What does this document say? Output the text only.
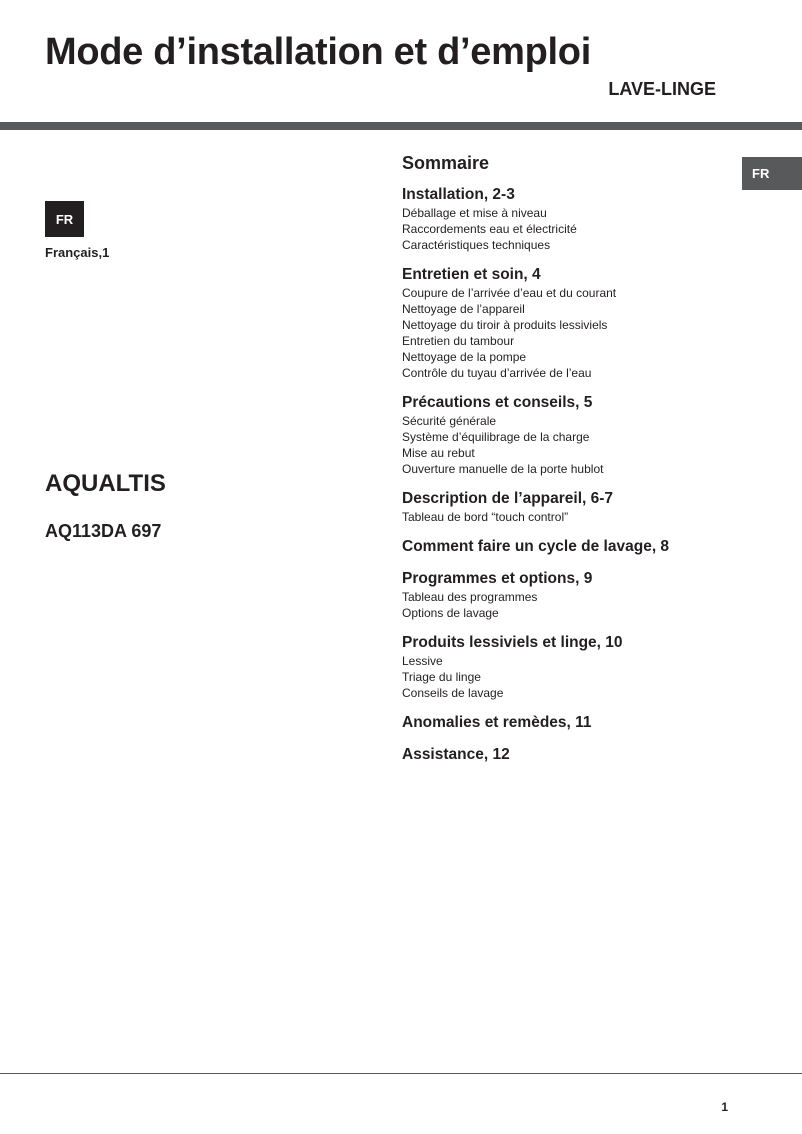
Mode d’installation et d’emploi
LAVE-LINGE
FR
Français,1
FR
AQUALTIS
AQ113DA 697
Sommaire
Installation, 2-3
Déballage et mise à niveau
Raccordements eau et électricité
Caractéristiques techniques
Entretien et soin, 4
Coupure de l’arrivée d’eau et du courant
Nettoyage de l’appareil
Nettoyage du tiroir à produits lessiviels
Entretien du tambour
Nettoyage de la pompe
Contrôle du tuyau d’arrivée de l’eau
Précautions et conseils, 5
Sécurité générale
Système d’équilibrage de la charge
Mise au rebut
Ouverture manuelle de la porte hublot
Description de l’appareil, 6-7
Tableau de bord “touch control”
Comment faire un cycle de lavage, 8
Programmes et options, 9
Tableau des programmes
Options de lavage
Produits lessiviels et linge, 10
Lessive
Triage du linge
Conseils de lavage
Anomalies et remèdes, 11
Assistance, 12
1
